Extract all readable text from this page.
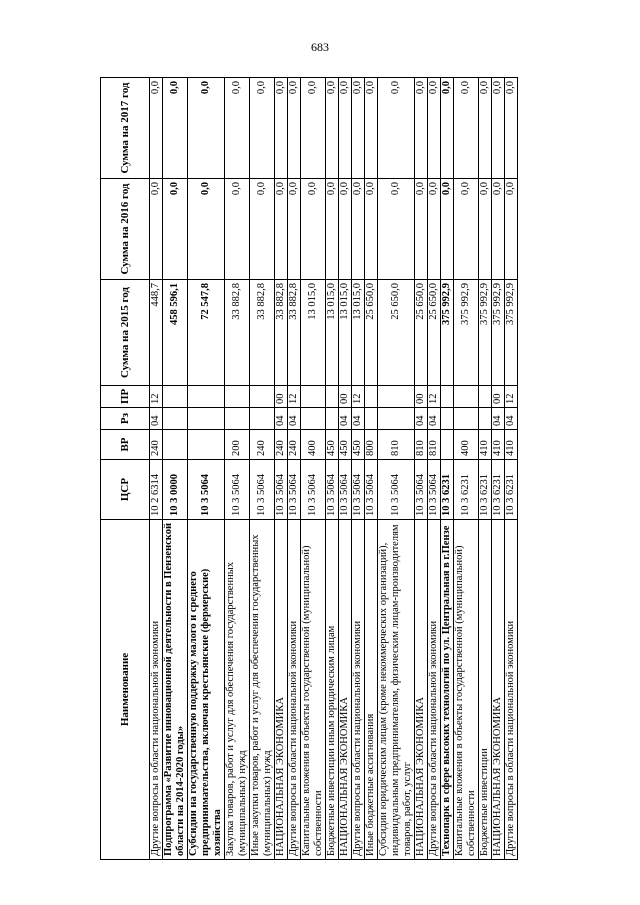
683
Наименование	ЦСР	ВР	Рз	ПР	Сумма на 2015 год	Сумма на 2016 год	Сумма на 2017 год
Другие вопросы в области национальной экономики	10 2 6314	240	04	12	448,7	0,0	0,0
Подпрограмма «Развитие инновационной деятельности в Пензенской области на 2014-2020 годы»	10 3 0000				458 596,1	0,0	0,0
Субсидии на государственную поддержку малого и среднего предпринимательства, включая крестьянские (фермерские) хозяйства	10 3 5064				72 547,8	0,0	0,0
Закупка товаров, работ и услуг для обеспечения государственных (муниципальных) нужд	10 3 5064	200			33 882,8	0,0	0,0
Иные закупки товаров, работ и услуг для обеспечения государственных (муниципальных) нужд	10 3 5064	240			33 882,8	0,0	0,0
НАЦИОНАЛЬНАЯ ЭКОНОМИКА	10 3 5064	240	04	00	33 882,8	0,0	0,0
Другие вопросы в области национальной экономики	10 3 5064	240	04	12	33 882,8	0,0	0,0
Капитальные вложения в объекты государственной (муниципальной) собственности	10 3 5064	400			13 015,0	0,0	0,0
Бюджетные инвестиции иным юридическим лицам	10 3 5064	450			13 015,0	0,0	0,0
НАЦИОНАЛЬНАЯ ЭКОНОМИКА	10 3 5064	450	04	00	13 015,0	0,0	0,0
Другие вопросы в области национальной экономики	10 3 5064	450	04	12	13 015,0	0,0	0,0
Иные бюджетные ассигнования	10 3 5064	800			25 650,0	0,0	0,0
Субсидии юридическим лицам (кроме некоммерческих организаций), индивидуальным предпринимателям, физическим лицам-производителям товаров, работ, услуг	10 3 5064	810			25 650,0	0,0	0,0
НАЦИОНАЛЬНАЯ ЭКОНОМИКА	10 3 5064	810	04	00	25 650,0	0,0	0,0
Другие вопросы в области национальной экономики	10 3 5064	810	04	12	25 650,0	0,0	0,0
Технопарк в сфере высоких технологий по ул. Центральная в г.Пензе	10 3 6231				375 992,9	0,0	0,0
Капитальные вложения в объекты государственной (муниципальной) собственности	10 3 6231	400			375 992,9	0,0	0,0
Бюджетные инвестиции	10 3 6231	410			375 992,9	0,0	0,0
НАЦИОНАЛЬНАЯ ЭКОНОМИКА	10 3 6231	410	04	00	375 992,9	0,0	0,0
Другие вопросы в области национальной экономики	10 3 6231	410	04	12	375 992,9	0,0	0,0
